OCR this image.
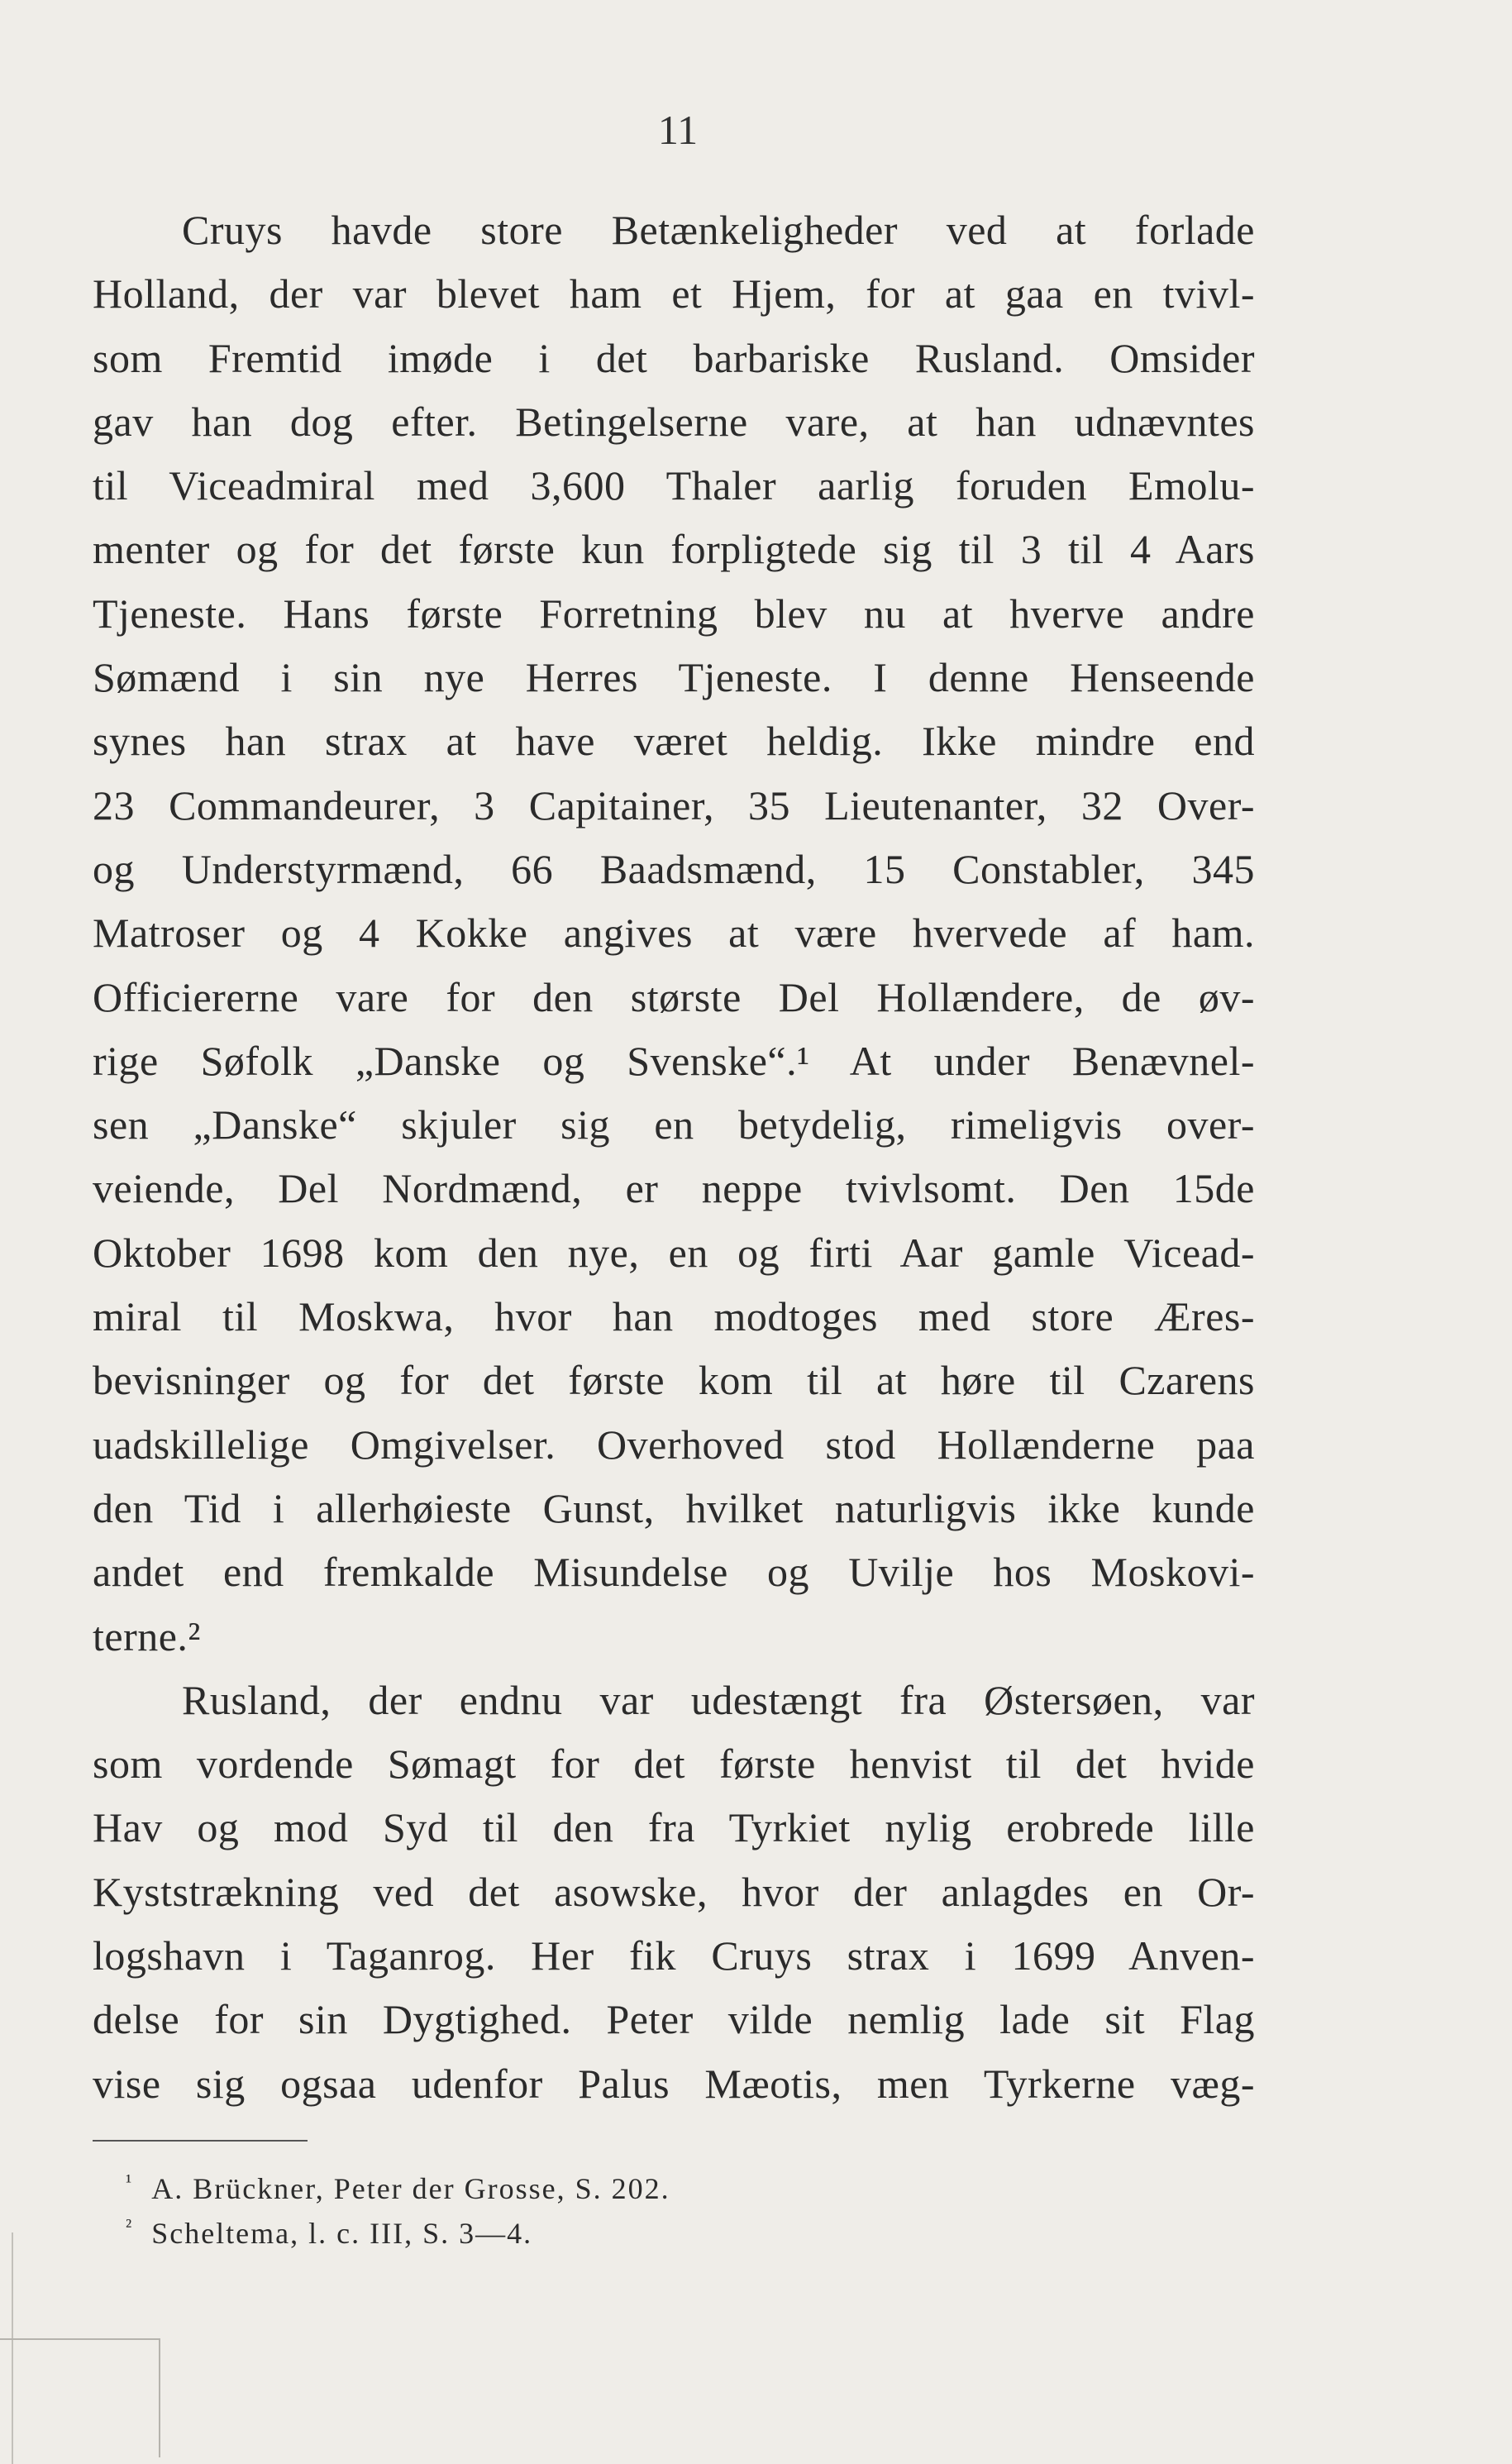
11
Cruys havde store Betænkeligheder ved at forlade
Holland, der var blevet ham et Hjem, for at gaa en tvivl-
som Fremtid imøde i det barbariske Rusland. Omsider
gav han dog efter. Betingelserne vare, at han udnævntes
til Viceadmiral med 3,600 Thaler aarlig foruden Emolu-
menter og for det første kun forpligtede sig til 3 til 4 Aars
Tjeneste. Hans første Forretning blev nu at hverve andre
Sømænd i sin nye Herres Tjeneste. I denne Henseende
synes han strax at have været heldig. Ikke mindre end
23 Commandeurer, 3 Capitainer, 35 Lieutenanter, 32 Over-
og Understyrmænd, 66 Baadsmænd, 15 Constabler, 345
Matroser og 4 Kokke angives at være hvervede af ham.
Officiererne vare for den største Del Hollændere, de øv-
rige Søfolk „Danske og Svenske“.¹ At under Benævnel-
sen „Danske“ skjuler sig en betydelig, rimeligvis over-
veiende, Del Nordmænd, er neppe tvivlsomt. Den 15de
Oktober 1698 kom den nye, en og firti Aar gamle Vicead-
miral til Moskwa, hvor han modtoges med store Æres-
bevisninger og for det første kom til at høre til Czarens
uadskillelige Omgivelser. Overhoved stod Hollænderne paa
den Tid i allerhøieste Gunst, hvilket naturligvis ikke kunde
andet end fremkalde Misundelse og Uvilje hos Moskovi-
terne.²
Rusland, der endnu var udestængt fra Østersøen, var
som vordende Sømagt for det første henvist til det hvide
Hav og mod Syd til den fra Tyrkiet nylig erobrede lille
Kyststrækning ved det asowske, hvor der anlagdes en Or-
logshavn i Taganrog. Her fik Cruys strax i 1699 Anven-
delse for sin Dygtighed. Peter vilde nemlig lade sit Flag
vise sig ogsaa udenfor Palus Mæotis, men Tyrkerne væg-
$^{^1}$ A. Brückner, Peter der Grosse, S. 202.
$^{^2}$ Scheltema, l. c. III, S. 3—4.
